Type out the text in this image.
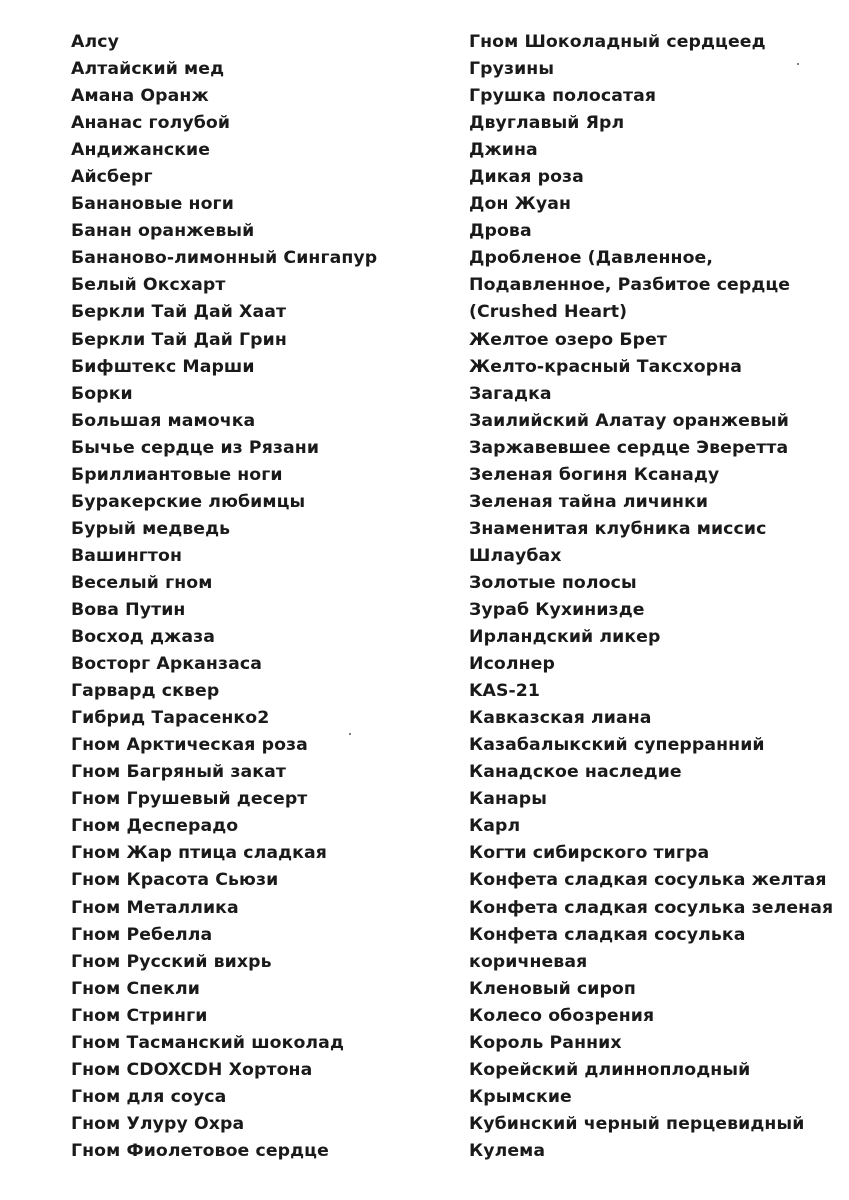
Алсу
Алтайский мед
Амана Оранж
Ананас голубой
Андижанские
Айсберг
Банановые ноги
Банан оранжевый
Бананово-лимонный Сингапур
Белый Оксхарт
Беркли Тай Дай Хаат
Беркли Тай Дай Грин
Бифштекс Марши
Борки
Большая мамочка
Бычье сердце из Рязани
Бриллиантовые ноги
Буракерские любимцы
Бурый медведь
Вашингтон
Веселый гном
Вова Путин
Восход джаза
Восторг Арканзаса
Гарвард сквер
Гибрид Тарасенко2
Гном Арктическая роза
Гном Багряный закат
Гном Грушевый десерт
Гном Десперадо
Гном Жар птица сладкая
Гном Красота Сьюзи
Гном Металлика
Гном Ребелла
Гном Русский вихрь
Гном Спекли
Гном Стринги
Гном Тасманский шоколад
Гном CDOXCDH Хортона
Гном для соуса
Гном Улуру Охра
Гном Фиолетовое сердце
Гном Шоколадный сердцеед
Грузины
Грушка полосатая
Двуглавый Ярл
Джина
Дикая роза
Дон Жуан
Дрова
Дробленое (Давленное,
Подавленное, Разбитое сердце
(Crushed Heart)
Желтое озеро Брет
Желто-красный Таксхорна
Загадка
Заилийский Алатау оранжевый
Заржавевшее сердце Эверетта
Зеленая богиня Ксанаду
Зеленая тайна личинки
Знаменитая клубника миссис
Шлаубах
Золотые полосы
Зураб Кухинизде
Ирландский ликер
Исолнер
KAS-21
Кавказская лиана
Казабалыкский суперранний
Канадское наследие
Канары
Карл
Когти сибирского тигра
Конфета сладкая сосулька желтая
Конфета сладкая сосулька зеленая
Конфета сладкая сосулька
коричневая
Кленовый сироп
Колесо обозрения
Король Ранних
Корейский длинноплодный
Крымские
Кубинский черный перцевидный
Кулема
